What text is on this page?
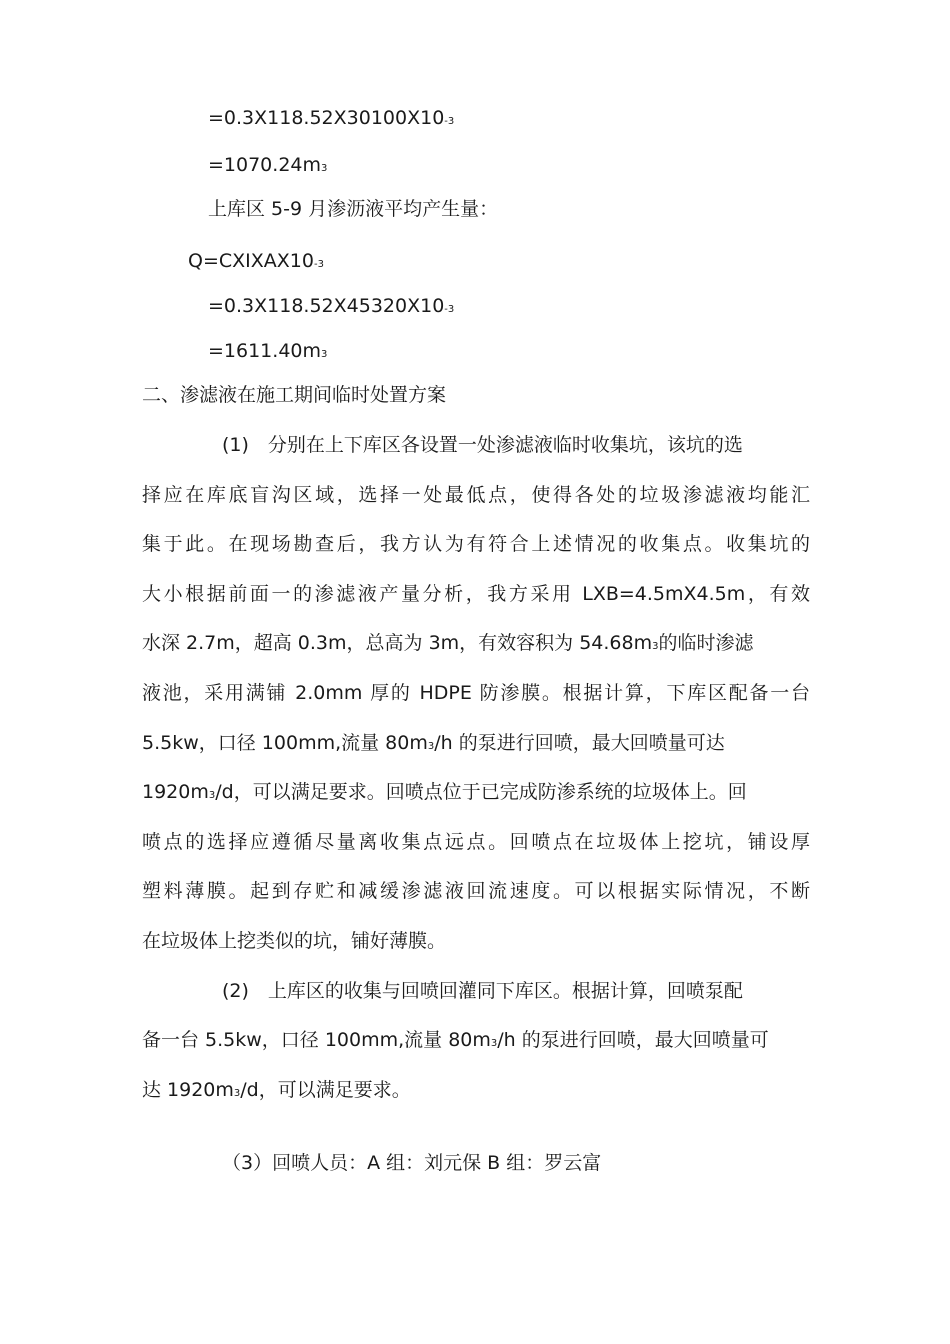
=0.3X118.52X30100X10-3
=1070.24m3
上库区 5-9 月渗沥液平均产生量：
Q=CXIXAX10-3
=0.3X118.52X45320X10-3
=1611.40m3
二、渗滤液在施工期间临时处置方案
(1)　分别在上下库区各设置一处渗滤液临时收集坑，该坑的选
择应在库底盲沟区域，选择一处最低点，使得各处的垃圾渗滤液均能汇
集于此。在现场勘查后，我方认为有符合上述情况的收集点。收集坑的
大小根据前面一的渗滤液产量分析，我方采用 LXB=4.5mX4.5m，有效
水深 2.7m，超高 0.3m，总高为 3m，有效容积为 54.68m3的临时渗滤
液池，采用满铺 2.0mm 厚的 HDPE 防渗膜。根据计算，下库区配备一台
5.5kw，口径 100mm,流量 80m3/h 的泵进行回喷，最大回喷量可达
1920m3/d，可以满足要求。回喷点位于已完成防渗系统的垃圾体上。回
喷点的选择应遵循尽量离收集点远点。回喷点在垃圾体上挖坑，铺设厚
塑料薄膜。起到存贮和减缓渗滤液回流速度。可以根据实际情况，不断
在垃圾体上挖类似的坑，铺好薄膜。
(2)　上库区的收集与回喷回灌同下库区。根据计算，回喷泵配
备一台 5.5kw，口径 100mm,流量 80m3/h 的泵进行回喷，最大回喷量可
达 1920m3/d，可以满足要求。
（3）回喷人员：A 组：刘元保 B 组：罗云富
